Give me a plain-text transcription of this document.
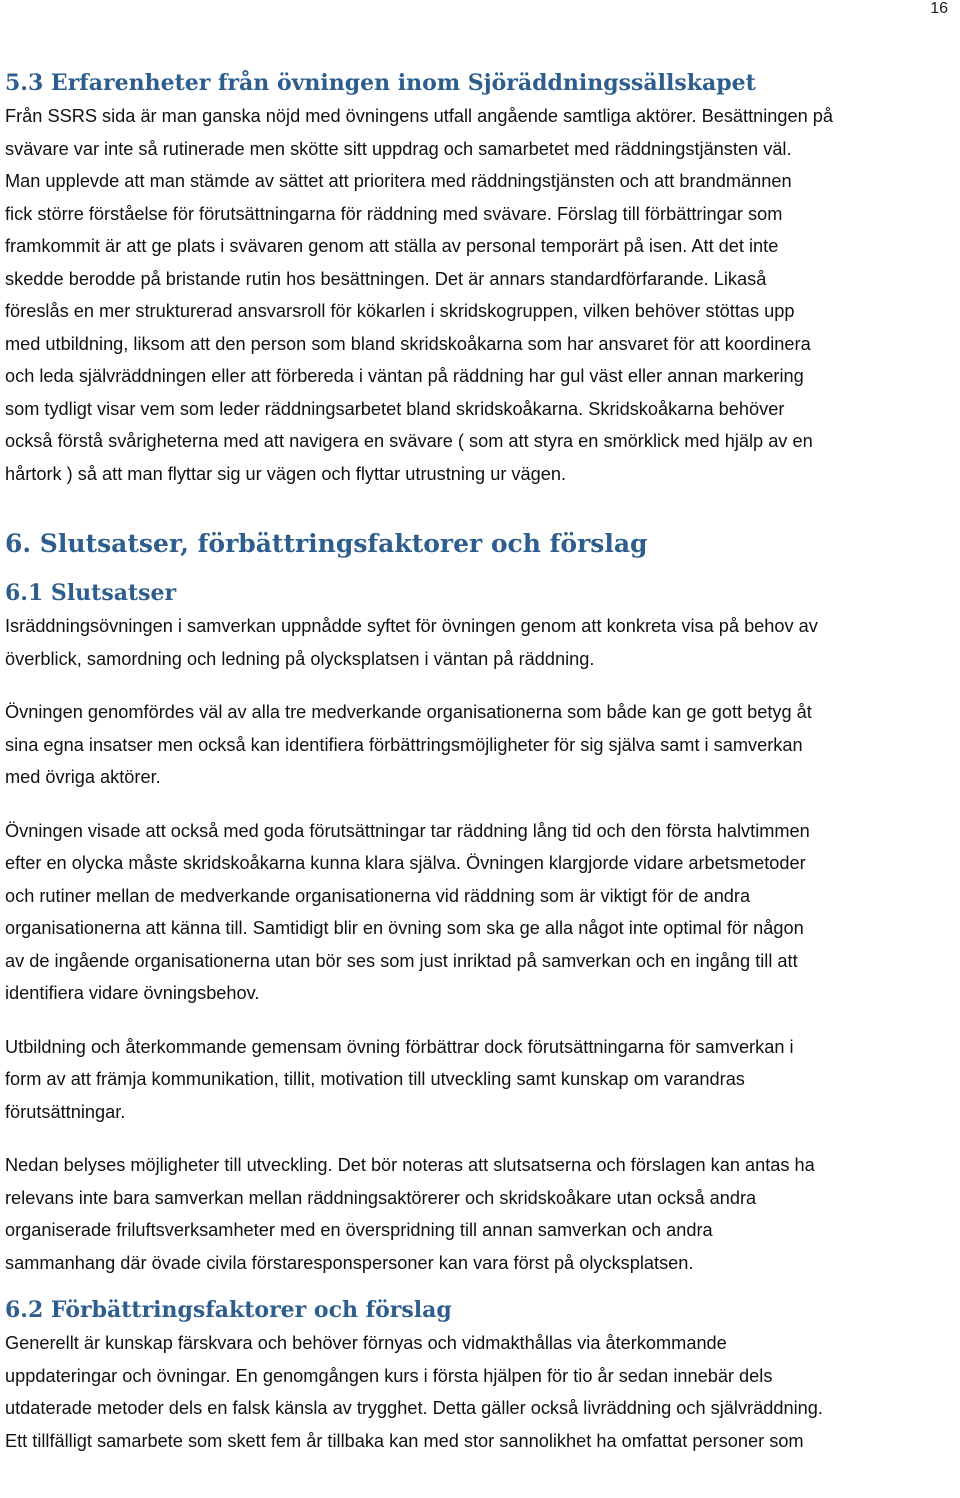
16
5.3 Erfarenheter från övningen inom Sjöräddningssällskapet

Från SSRS sida är man ganska nöjd med övningens utfall angående samtliga aktörer. Besättningen på
svävare var inte så rutinerade men skötte sitt uppdrag och samarbetet med räddningstjänsten väl.
Man upplevde att man stämde av sättet att prioritera med räddningstjänsten och att brandmännen
fick större förståelse för förutsättningarna för räddning med svävare. Förslag till förbättringar som
framkommit är att ge plats i svävaren genom att ställa av personal temporärt på isen. Att det inte
skedde berodde på bristande rutin hos besättningen. Det är annars standardförfarande. Likaså
föreslås en mer strukturerad ansvarsroll för kökarlen i skridskogruppen, vilken behöver stöttas upp
med utbildning, liksom att den person som bland skridskoåkarna som har ansvaret för att koordinera
och leda självräddningen eller att förbereda i väntan på räddning har gul väst eller annan markering
som tydligt visar vem som leder räddningsarbetet bland skridskoåkarna. Skridskoåkarna behöver
också förstå svårigheterna med att navigera en svävare ( som att styra en smörklick med hjälp av en
hårtork ) så att man flyttar sig ur vägen och flyttar utrustning ur vägen.

6. Slutsatser, förbättringsfaktorer och förslag
6.1 Slutsatser

Isräddningsövningen i samverkan uppnådde syftet för övningen genom att konkreta visa på behov av
överblick, samordning och ledning på olycksplatsen i väntan på räddning.

Övningen genomfördes väl av alla tre medverkande organisationerna som både kan ge gott betyg åt
sina egna insatser men också kan identifiera förbättringsmöjligheter för sig själva samt i samverkan
med övriga aktörer.

Övningen visade att också med goda förutsättningar tar räddning lång tid och den första halvtimmen
efter en olycka måste skridskoåkarna kunna klara själva. Övningen klargjorde vidare arbetsmetoder
och rutiner mellan de medverkande organisationerna vid räddning som är viktigt för de andra
organisationerna att känna till. Samtidigt blir en övning som ska ge alla något inte optimal för någon
av de ingående organisationerna utan bör ses som just inriktad på samverkan och en ingång till att
identifiera vidare övningsbehov.

Utbildning och återkommande gemensam övning förbättrar dock förutsättningarna för samverkan i
form av att främja kommunikation, tillit, motivation till utveckling samt kunskap om varandras
förutsättningar.

Nedan belyses möjligheter till utveckling. Det bör noteras att slutsatserna och förslagen kan antas ha
relevans inte bara samverkan mellan räddningsaktörerer och skridskoåkare utan också andra
organiserade friluftsverksamheter med en överspridning till annan samverkan och andra
sammanhang där övade civila förstaresponspersoner kan vara först på olycksplatsen.

6.2 Förbättringsfaktorer och förslag

Generellt är kunskap färskvara och behöver förnyas och vidmakthållas via återkommande
uppdateringar och övningar. En genomgången kurs i första hjälpen för tio år sedan innebär dels
utdaterade metoder dels en falsk känsla av trygghet. Detta gäller också livräddning och självräddning.
Ett tillfälligt samarbete som skett fem år tillbaka kan med stor sannolikhet ha omfattat personer som
